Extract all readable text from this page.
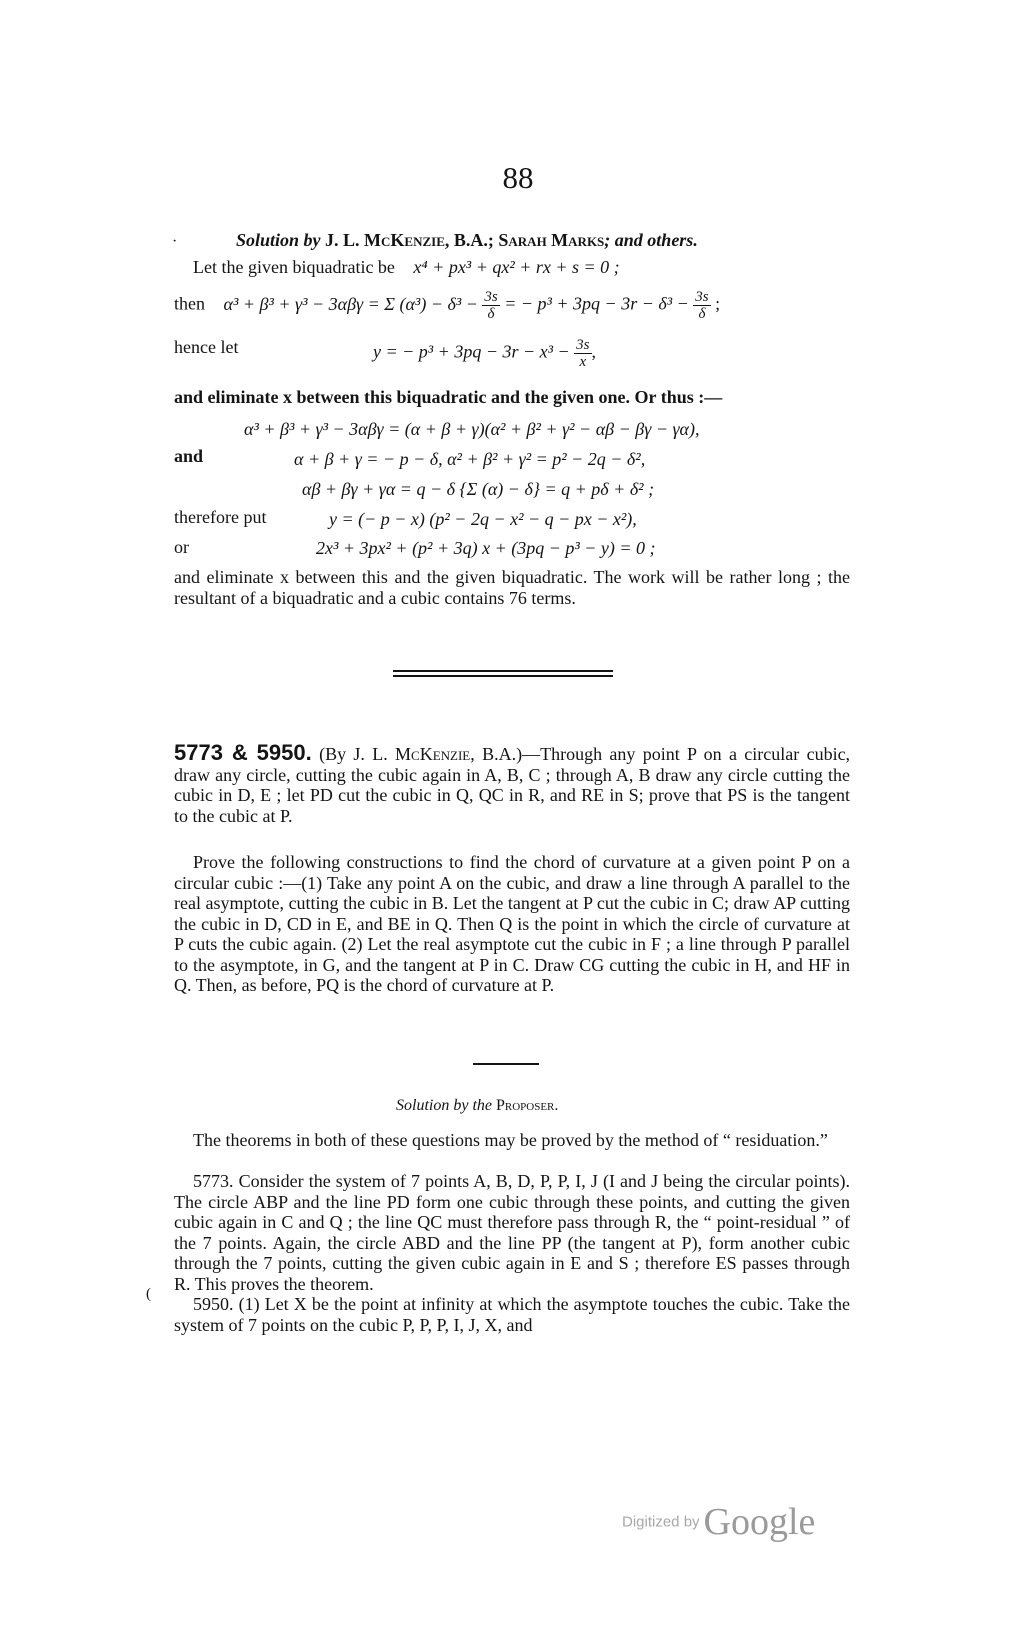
88
·	Solution by J. L. McKenzie, B.A.; Sarah Marks; and others.
Let the given biquadratic be x⁴ + px³ + qx² + rx + s = 0 ;
then α³ + β³ + γ³ − 3αβγ = Σ $(\alpha^3) - \delta^3 - \frac{3s}{\delta}$ = − $p^3 + 3pq - 3r - \delta^3 - \frac{3s}{\delta}$ ;
hence let	y = − $p^3 + 3pq - 3r - x^3 - \frac{3s}{x}$ ,
and eliminate x between this biquadratic and the given one. Or thus :—
α³ + β³ + γ³ − 3αβγ = (α + β + γ)(α² + β² + γ² − αβ − βγ − γα),
and	α + β + γ = − p − δ, α² + β² + γ² = p² − 2q − δ²,
αβ + βγ + γα = q − δ {Σ (α) − δ} = q + pδ + δ² ;
therefore put	y = (− p − x) (p² − 2q − x² − q − px − x²),
or	2x³ + 3px² + (p² + 3q) x + (3pq − p³ − y) = 0 ;
and eliminate x between this and the given biquadratic. The work will be rather long ; the resultant of a biquadratic and a cubic contains 76 terms.
5773 & 5950. (By J. L. McKenzie, B.A.)—Through any point P on a circular cubic, draw any circle, cutting the cubic again in A, B, C ; through A, B draw any circle cutting the cubic in D, E ; let PD cut the cubic in Q, QC in R, and RE in S; prove that PS is the tangent to the cubic at P.
Prove the following constructions to find the chord of curvature at a given point P on a circular cubic :—(1) Take any point A on the cubic, and draw a line through A parallel to the real asymptote, cutting the cubic in B. Let the tangent at P cut the cubic in C; draw AP cutting the cubic in D, CD in E, and BE in Q. Then Q is the point in which the circle of curvature at P cuts the cubic again. (2) Let the real asymptote cut the cubic in F ; a line through P parallel to the asymptote, in G, and the tangent at P in C. Draw CG cutting the cubic in H, and HF in Q. Then, as before, PQ is the chord of curvature at P.
Solution by the Proposer.
The theorems in both of these questions may be proved by the method of “ residuation.”
5773. Consider the system of 7 points A, B, D, P, P, I, J (I and J being the circular points). The circle ABP and the line PD form one cubic through these points, and cutting the given cubic again in C and Q ; the line QC must therefore pass through R, the “ point-residual ” of the 7 points. Again, the circle ABD and the line PP (the tangent at P), form another cubic through the 7 points, cutting the given cubic again in E and S ; therefore ES passes through R. This proves the theorem.
5950. (1) Let X be the point at infinity at which the asymptote touches the cubic. Take the system of 7 points on the cubic P, P, P, I, J, X, and
(
Digitized by Google
